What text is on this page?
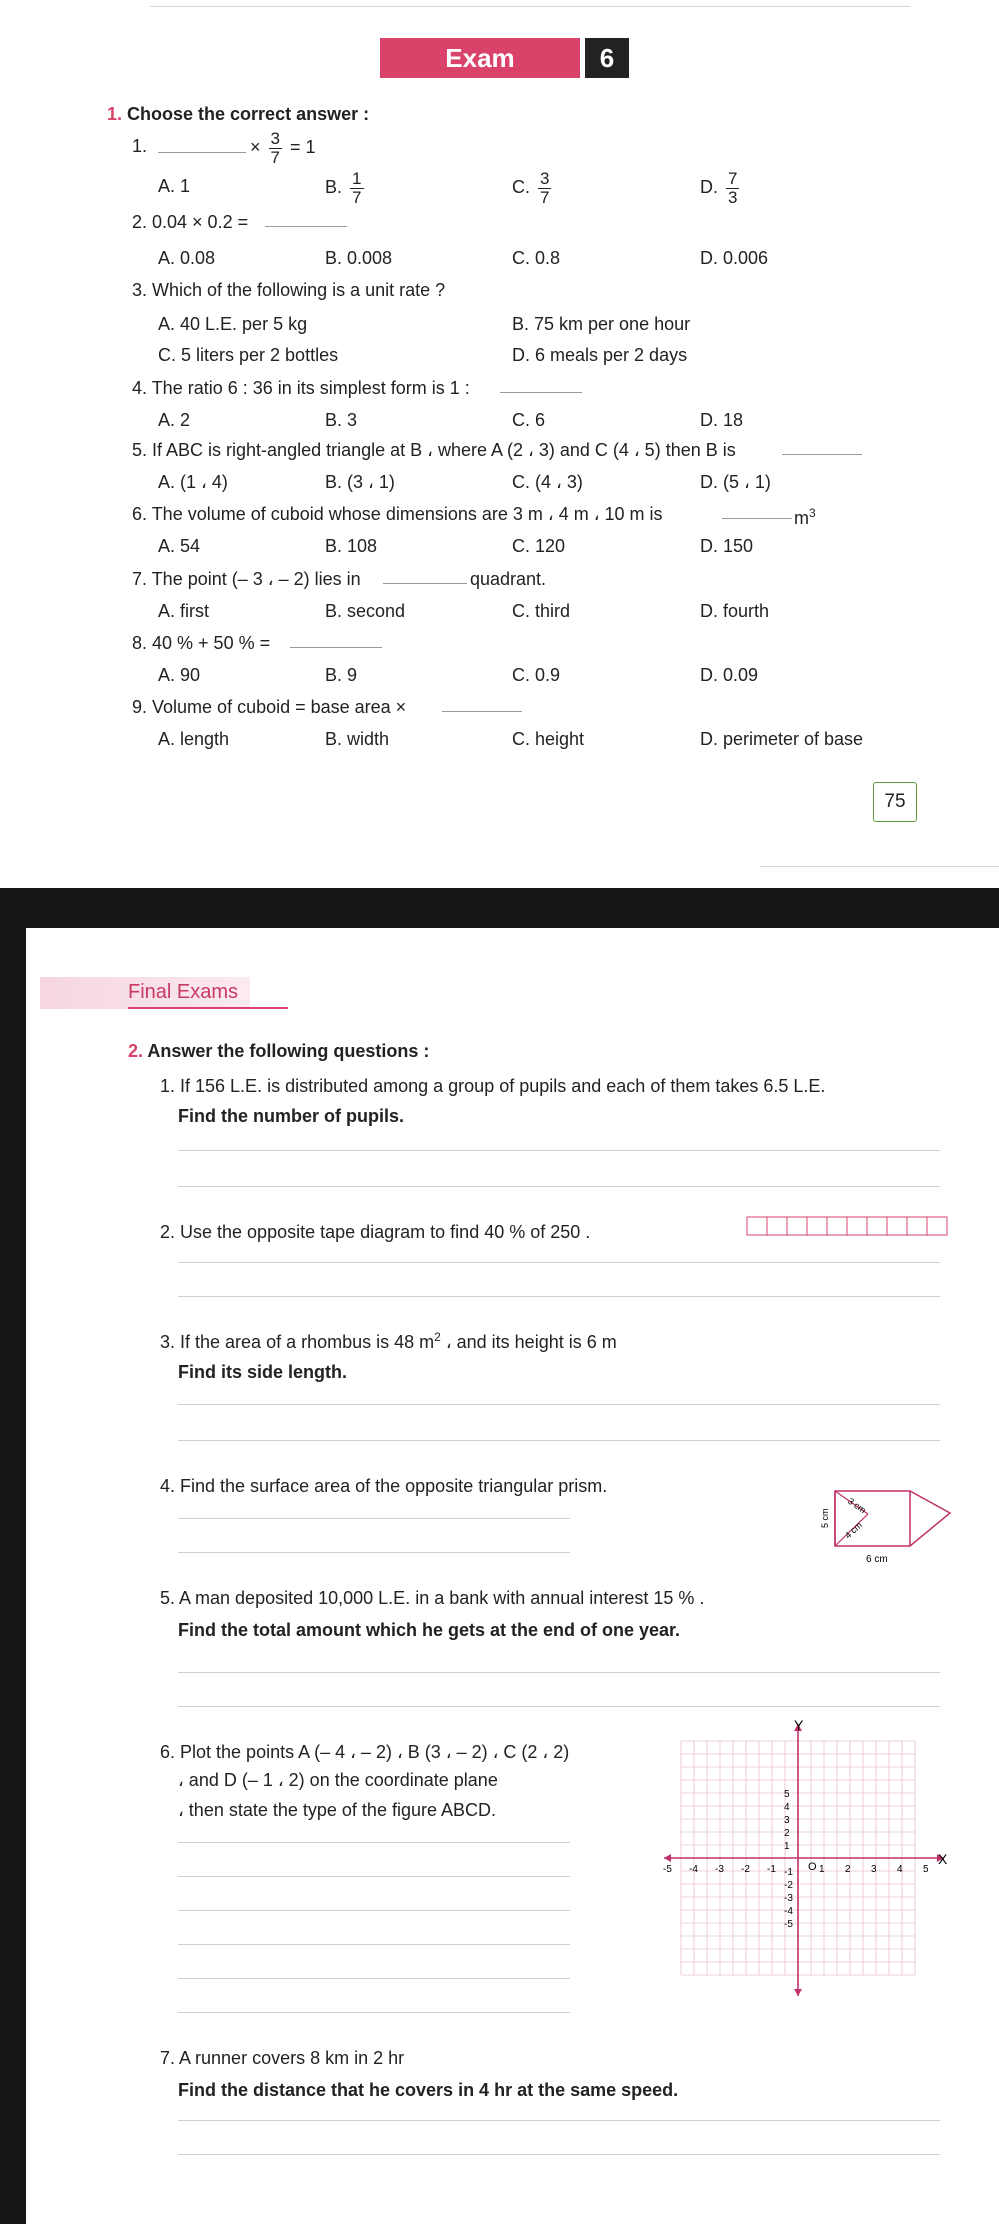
Exam	6
1. Choose the correct answer :
1.	× $\frac{3}{7} = 1$
A. 1	B. $\frac{1}{7}$	C. $\frac{3}{7}$	D. $\frac{7}{3}$
2. 0.04 × 0.2 =
A. 0.08	B. 0.008	C. 0.8	D. 0.006
3. Which of the following is a unit rate ?
A. 40 L.E. per 5 kg	B. 75 km per one hour
C. 5 liters per 2 bottles	D. 6 meals per 2 days
4. The ratio 6 : 36 in its simplest form is 1 :
A. 2	B. 3	C. 6	D. 18
5. If ABC is right-angled triangle at B ، where A (2 ، 3) and C (4 ، 5) then B is
A. (1 ، 4)	B. (3 ، 1)	C. (4 ، 3)	D. (5 ، 1)
6. The volume of cuboid whose dimensions are 3 m ، 4 m ، 10 m is	$m^3$
A. 54	B. 108	C. 120	D. 150
7. The point (– 3 ، – 2) lies in	quadrant.
A. first	B. second	C. third	D. fourth
8. 40 % + 50 % =
A. 90	B. 9	C. 0.9	D. 0.09
9. Volume of cuboid = base area ×
A. length	B. width	C. height	D. perimeter of base
75
Final Exams
2. Answer the following questions :
1. If 156 L.E. is distributed among a group of pupils and each of them takes 6.5 L.E.
Find the number of pupils.
2. Use the opposite tape diagram to find 40 % of 250 .
3. If the area of a rhombus is 48 $m^2$ ، and its height is 6 m
Find its side length.
4. Find the surface area of the opposite triangular prism.
5 cm
3 cm
4 cm
6 cm
5. A man deposited 10,000 L.E. in a bank with annual interest 15 % .
Find the total amount which he gets at the end of one year.
6. Plot the points A (– 4 ، – 2) ، B (3 ، – 2) ، C (2 ، 2)
، and D (– 1 ، 2) on the coordinate plane
، then state the type of the figure ABCD.
-5 -4 -3 -2 -1	1 2 3 4 5
5
4
3
2
1
-1
-2
-3
-4
-5
X
Y
O
7. A runner covers 8 km in 2 hr
Find the distance that he covers in 4 hr at the same speed.
